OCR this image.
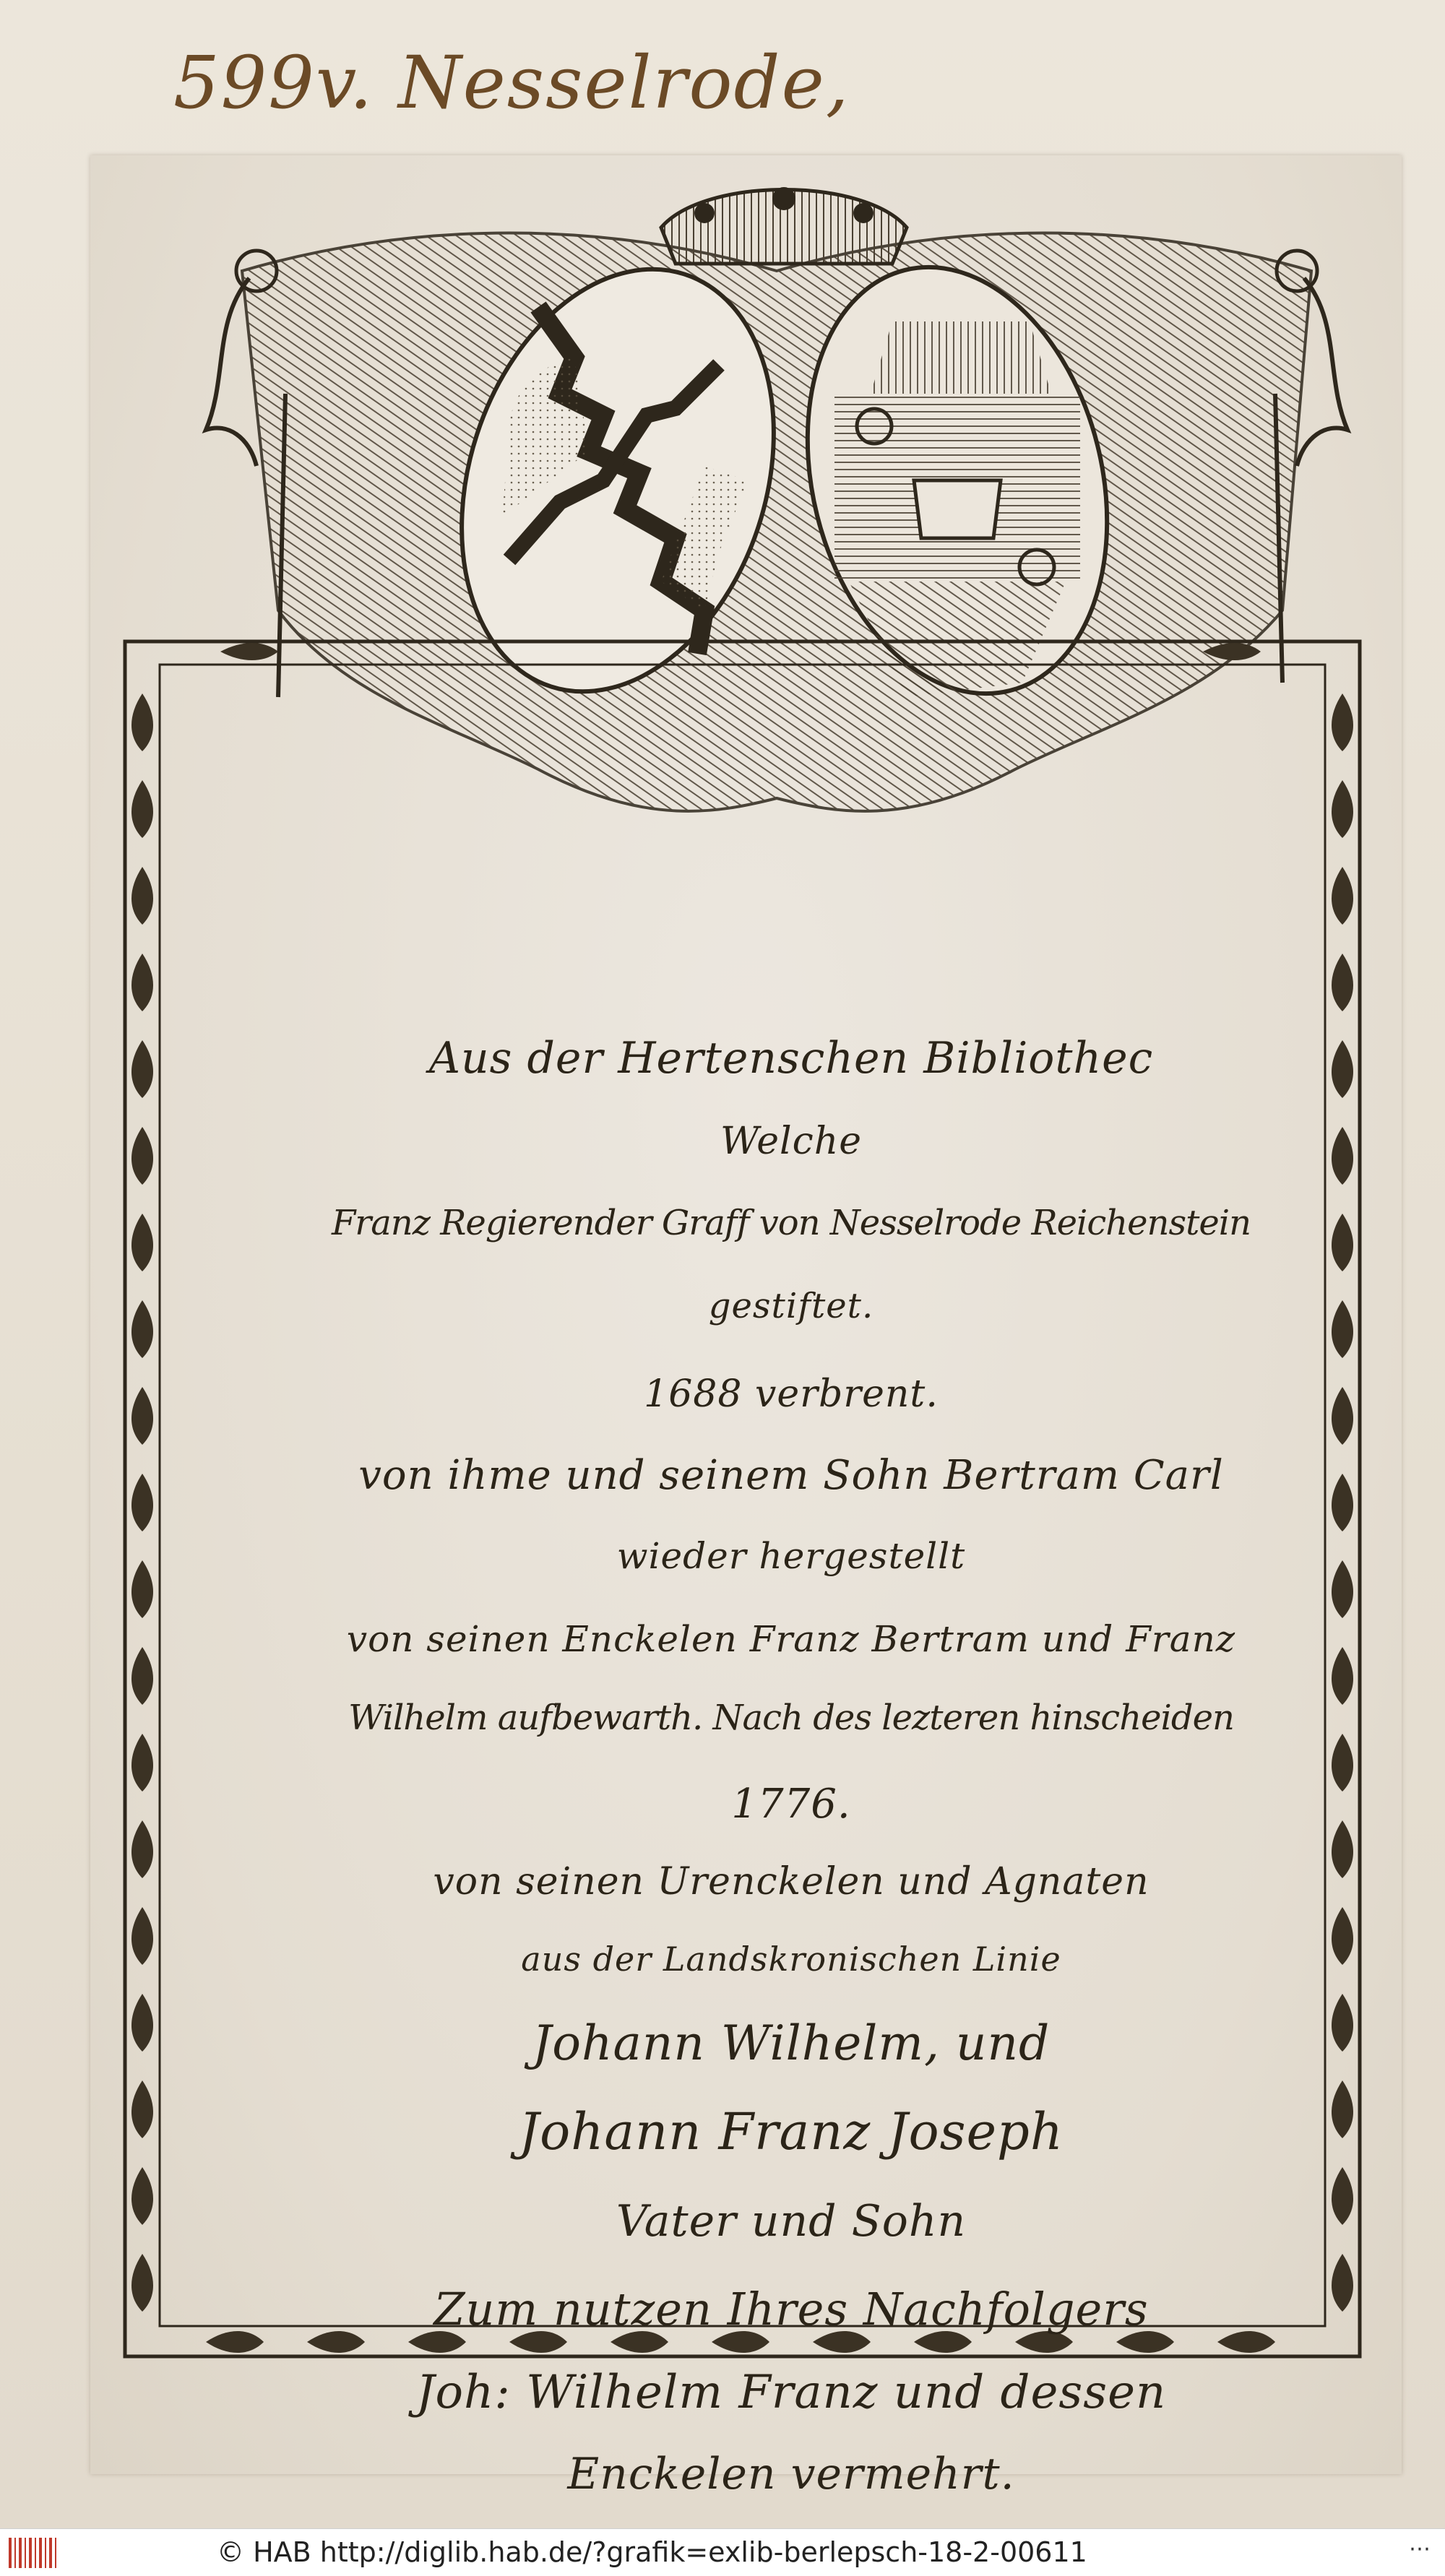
599v. Nesselrode,
Aus der Hertenschen Bibliothec
Welche
Franz Regierender Graff von Nesselrode Reichenstein
gestiftet.
1688 verbrent.
von ihme und seinem Sohn Bertram Carl
wieder hergestellt
von seinen Enckelen Franz Bertram und Franz
Wilhelm aufbewarth. Nach des lezteren hinscheiden
1776.
von seinen Urenckelen und Agnaten
aus der Landskronischen Linie
Johann Wilhelm, und
Johann Franz Joseph
Vater und Sohn
Zum nutzen Ihres Nachfolgers
Joh: Wilhelm Franz und dessen
Enckelen vermehrt.
© HAB http://diglib.hab.de/?grafik=exlib-berlepsch-18-2-00611	⋯
